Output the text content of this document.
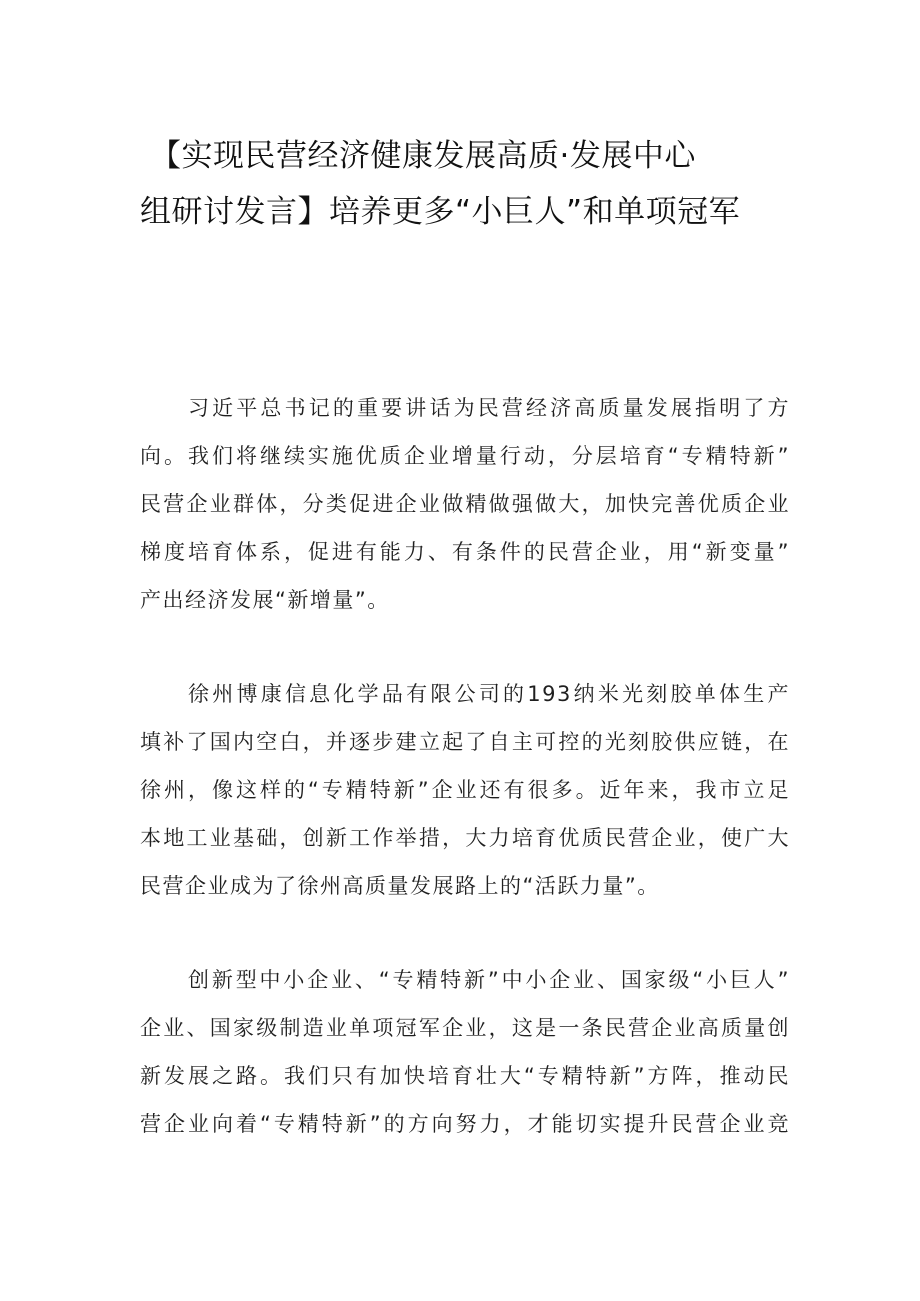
【实现民营经济健康发展高质·发展中心
组研讨发言】培养更多“小巨人”和单项冠军
习近平总书记的重要讲话为民营经济高质量发展指明了方
向。我们将继续实施优质企业增量行动，分层培育“专精特新”
民营企业群体，分类促进企业做精做强做大，加快完善优质企业
梯度培育体系，促进有能力、有条件的民营企业，用“新变量”
产出经济发展“新增量”。
徐州博康信息化学品有限公司的193纳米光刻胶单体生产
填补了国内空白，并逐步建立起了自主可控的光刻胶供应链，在
徐州，像这样的“专精特新”企业还有很多。近年来，我市立足
本地工业基础，创新工作举措，大力培育优质民营企业，使广大
民营企业成为了徐州高质量发展路上的“活跃力量”。
创新型中小企业、“专精特新”中小企业、国家级“小巨人”
企业、国家级制造业单项冠军企业，这是一条民营企业高质量创
新发展之路。我们只有加快培育壮大“专精特新”方阵，推动民
营企业向着“专精特新”的方向努力，才能切实提升民营企业竞
